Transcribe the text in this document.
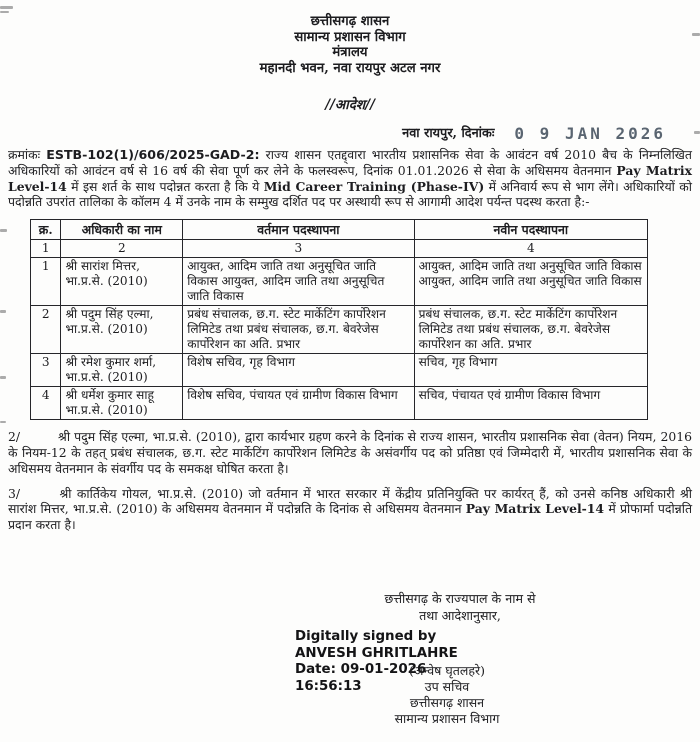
छत्तीसगढ़ शासन
सामान्य प्रशासन विभाग
मंत्रालय
महानदी भवन, नवा रायपुर अटल नगर
//आदेश//
नवा रायपुर, दिनांकः 0 9 JAN 2026
क्रमांकः ESTB-102(1)/606/2025-GAD-2: राज्य शासन एतद्द्वारा भारतीय प्रशासनिक सेवा के आवंटन वर्ष 2010 बैच के निम्नलिखित अधिकारियों को आवंटन वर्ष से 16 वर्ष की सेवा पूर्ण कर लेने के फलस्वरूप, दिनांक 01.01.2026 से सेवा के अधिसमय वेतनमान Pay Matrix Level-14 में इस शर्त के साथ पदोन्नत करता है कि ये Mid Career Training (Phase-IV) में अनिवार्य रूप से भाग लेंगे। अधिकारियों को पदोन्नति उपरांत तालिका के कॉलम 4 में उनके नाम के सम्मुख दर्शित पद पर अस्थायी रूप से आगामी आदेश पर्यन्त पदस्थ करता है:-
क्र.	अधिकारी का नाम	वर्तमान पदस्थापना	नवीन पदस्थापना
1	2	3	4
1	श्री सारांश मित्तर, भा.प्र.से. (2010)	आयुक्त, आदिम जाति तथा अनुसूचित जाति विकास आयुक्त, आदिम जाति तथा अनुसूचित जाति विकास	आयुक्त, आदिम जाति तथा अनुसूचित जाति विकास आयुक्त, आदिम जाति तथा अनुसूचित जाति विकास
2	श्री पदुम सिंह एल्मा, भा.प्र.से. (2010)	प्रबंध संचालक, छ.ग. स्टेट मार्केटिंग कार्पोरेशन लिमिटेड तथा प्रबंध संचालक, छ.ग. बेवरेजेस कार्पोरेशन का अति. प्रभार	प्रबंध संचालक, छ.ग. स्टेट मार्केटिंग कार्पोरेशन लिमिटेड तथा प्रबंध संचालक, छ.ग. बेवरेजेस कार्पोरेशन का अति. प्रभार
3	श्री रमेश कुमार शर्मा, भा.प्र.से. (2010)	विशेष सचिव, गृह विभाग	सचिव, गृह विभाग
4	श्री धर्मेश कुमार साहू भा.प्र.से. (2010)	विशेष सचिव, पंचायत एवं ग्रामीण विकास विभाग	सचिव, पंचायत एवं ग्रामीण विकास विभाग
2/	श्री पदुम सिंह एल्मा, भा.प्र.से. (2010), द्वारा कार्यभार ग्रहण करने के दिनांक से राज्य शासन, भारतीय प्रशासनिक सेवा (वेतन) नियम, 2016 के नियम-12 के तहत् प्रबंध संचालक, छ.ग. स्टेट मार्केटिंग कार्पोरेशन लिमिटेड के असंवर्गीय पद को प्रतिष्ठा एवं जिम्मेदारी में, भारतीय प्रशासनिक सेवा के अधिसमय वेतनमान के संवर्गीय पद के समकक्ष घोषित करता है।
3/	श्री कार्तिकेय गोयल, भा.प्र.से. (2010) जो वर्तमान में भारत सरकार में केंद्रीय प्रतिनियुक्ति पर कार्यरत् हैं, को उनसे कनिष्ठ अधिकारी श्री सारांश मित्तर, भा.प्र.से. (2010) के अधिसमय वेतनमान में पदोन्नति के दिनांक से अधिसमय वेतनमान Pay Matrix Level-14 में प्रोफार्मा पदोन्नति प्रदान करता है।
छत्तीसगढ़ के राज्यपाल के नाम से
तथा आदेशानुसार,
Digitally signed by
ANVESH GHRITLAHRE
Date: 09-01-2026
16:56:13
(अन्वेष घृतलहरे)
उप सचिव
छत्तीसगढ़ शासन
सामान्य प्रशासन विभाग
